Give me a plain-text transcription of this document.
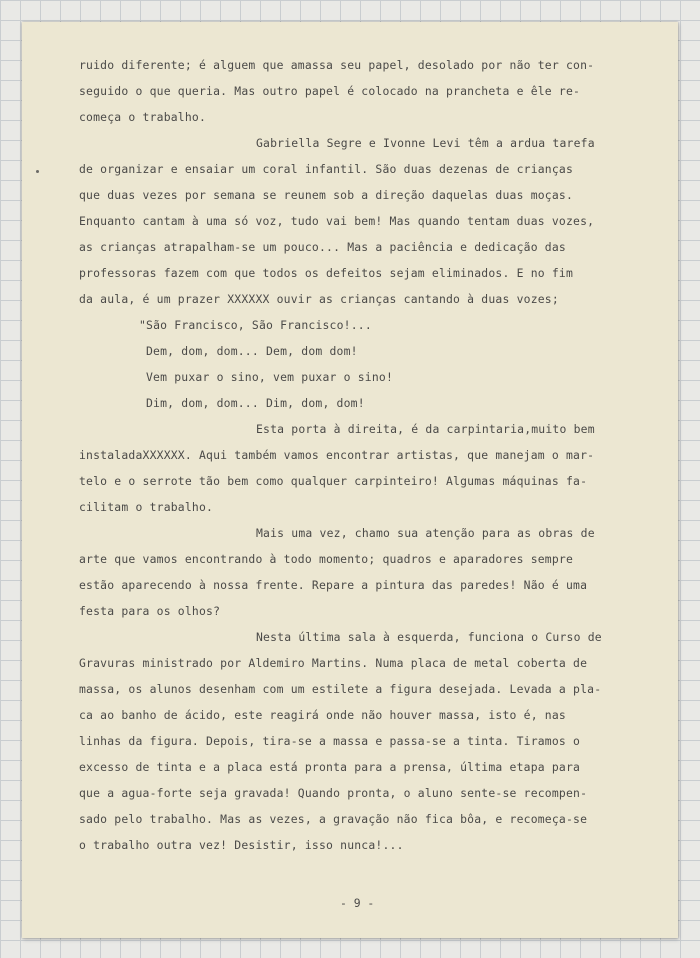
ruido diferente; é alguem que amassa seu papel, desolado por não ter con-
seguido o que queria. Mas outro papel é colocado na prancheta e êle re-
começa o trabalho.
Gabriella Segre e Ivonne Levi têm a ardua tarefa
de organizar e ensaiar um coral infantil. São duas dezenas de crianças
que duas vezes por semana se reunem sob a direção daquelas duas moças.
Enquanto cantam à uma só voz, tudo vai bem! Mas quando tentam duas vozes,
as crianças atrapalham-se um pouco... Mas a paciência e dedicação das
professoras fazem com que todos os defeitos sejam eliminados. E no fim
da aula, é um prazer XXXXXX ouvir as crianças cantando à duas vozes;
"São Francisco, São Francisco!...
Dem, dom, dom... Dem, dom dom!
Vem puxar o sino, vem puxar o sino!
Dim, dom, dom... Dim, dom, dom!
Esta porta à direita, é da carpintaria,muito bem
instaladaXXXXXX. Aqui também vamos encontrar artistas, que manejam o mar-
telo e o serrote tão bem como qualquer carpinteiro! Algumas máquinas fa-
cilitam o trabalho.
Mais uma vez, chamo sua atenção para as obras de
arte que vamos encontrando à todo momento; quadros e aparadores sempre
estão aparecendo à nossa frente. Repare a pintura das paredes! Não é uma
festa para os olhos?
Nesta última sala à esquerda, funciona o Curso de
Gravuras ministrado por Aldemiro Martins. Numa placa de metal coberta de
massa, os alunos desenham com um estilete a figura desejada. Levada a pla-
ca ao banho de ácido, este reagirá onde não houver massa, isto é, nas
linhas da figura. Depois, tira-se a massa e passa-se a tinta. Tiramos o
excesso de tinta e a placa está pronta para a prensa, última etapa para
que a agua-forte seja gravada! Quando pronta, o aluno sente-se recompen-
sado pelo trabalho. Mas as vezes, a gravação não fica bôa, e recomeça-se
o trabalho outra vez! Desistir, isso nunca!...
- 9 -
